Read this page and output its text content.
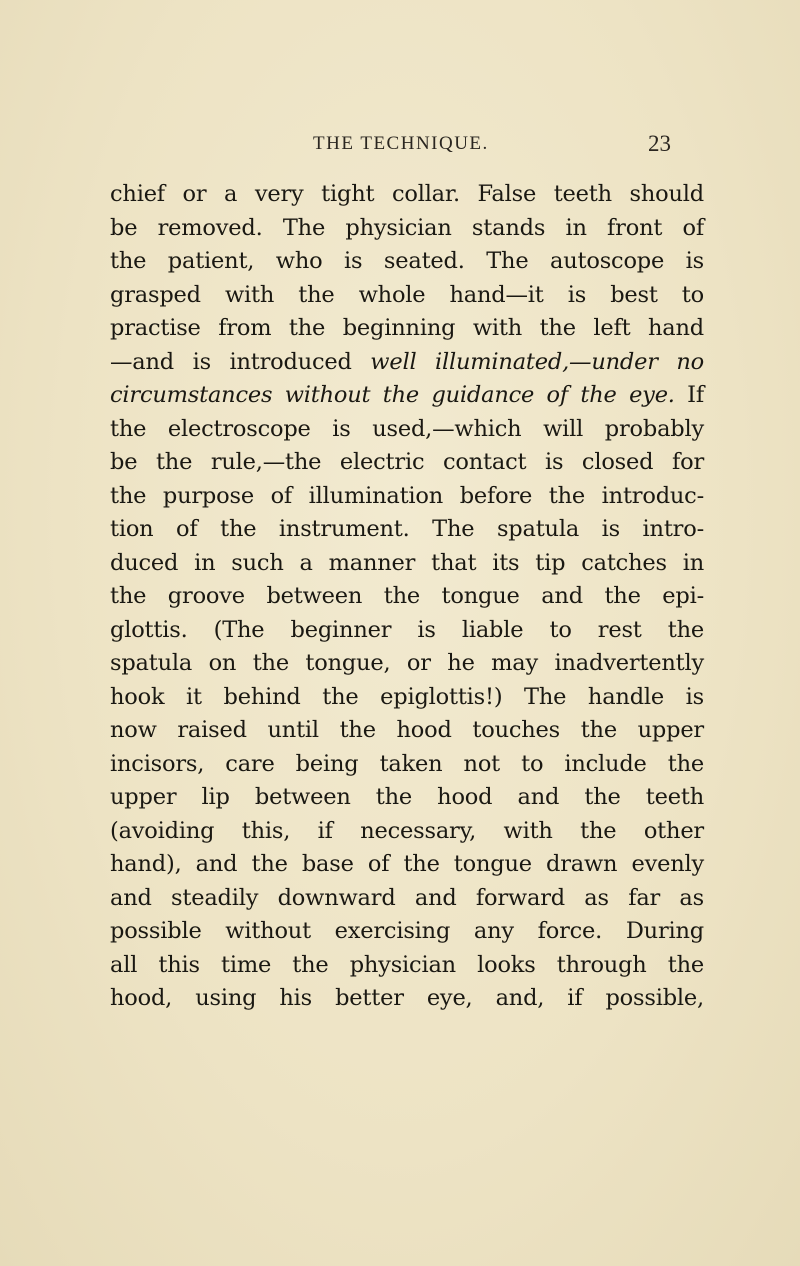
THE TECHNIQUE.	23
chief or a very tight collar. False teeth should
be removed. The physician stands in front of
the patient, who is seated. The autoscope is
grasped with the whole hand—it is best to
practise from the beginning with the left hand
—and is introduced well illuminated,—under no
circumstances without the guidance of the eye. If
the electroscope is used,—which will probably
be the rule,—the electric contact is closed for
the purpose of illumination before the introduc-
tion of the instrument. The spatula is intro-
duced in such a manner that its tip catches in
the groove between the tongue and the epi-
glottis. (The beginner is liable to rest the
spatula on the tongue, or he may inadvertently
hook it behind the epiglottis!) The handle is
now raised until the hood touches the upper
incisors, care being taken not to include the
upper lip between the hood and the teeth
(avoiding this, if necessary, with the other
hand), and the base of the tongue drawn evenly
and steadily downward and forward as far as
possible without exercising any force. During
all this time the physician looks through the
hood, using his better eye, and, if possible,
